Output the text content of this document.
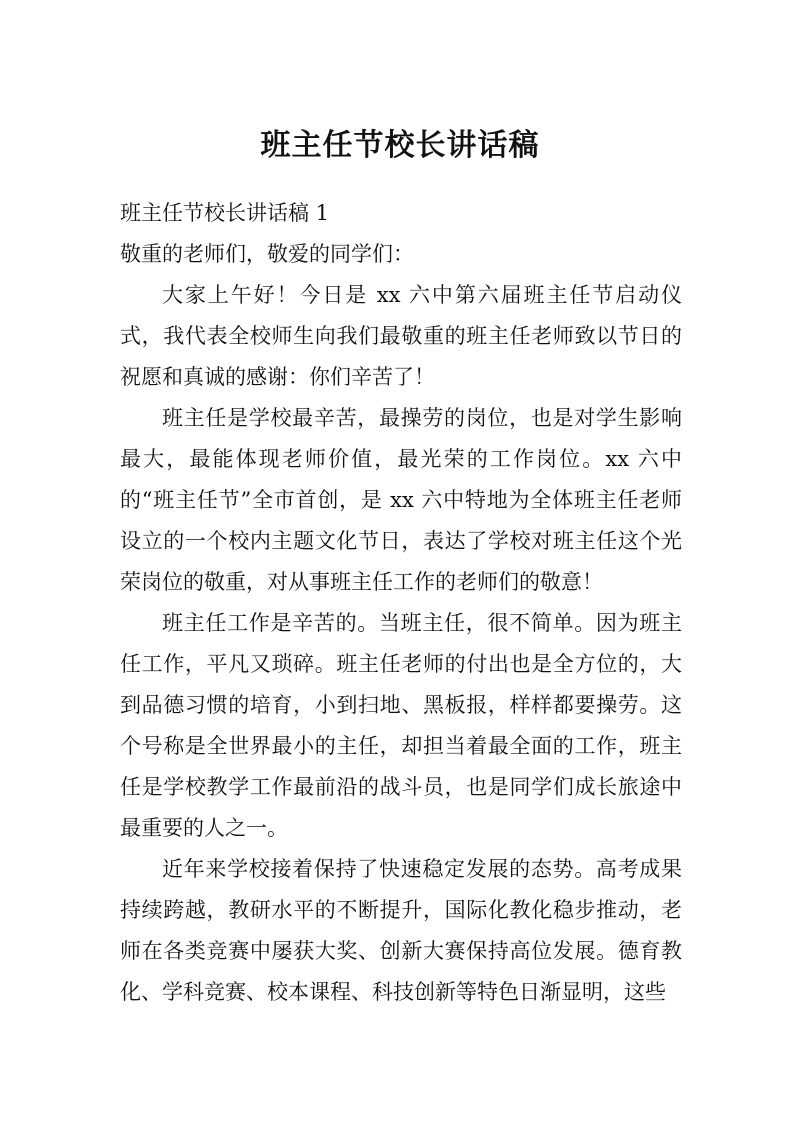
班主任节校长讲话稿

班主任节校长讲话稿 1

敬重的老师们，敬爱的同学们：

大家上午好！今日是 xx 六中第六届班主任节启动仪式，我代表全校师生向我们最敬重的班主任老师致以节日的祝愿和真诚的感谢：你们辛苦了！

班主任是学校最辛苦，最操劳的岗位，也是对学生影响最大，最能体现老师价值，最光荣的工作岗位。xx 六中的“班主任节”全市首创，是 xx 六中特地为全体班主任老师设立的一个校内主题文化节日，表达了学校对班主任这个光荣岗位的敬重，对从事班主任工作的老师们的敬意！

班主任工作是辛苦的。当班主任，很不简单。因为班主任工作，平凡又琐碎。班主任老师的付出也是全方位的，大到品德习惯的培育，小到扫地、黑板报，样样都要操劳。这个号称是全世界最小的主任，却担当着最全面的工作，班主任是学校教学工作最前沿的战斗员，也是同学们成长旅途中最重要的人之一。

近年来学校接着保持了快速稳定发展的态势。高考成果持续跨越，教研水平的不断提升，国际化教化稳步推动，老师在各类竞赛中屡获大奖、创新大赛保持高位发展。德育教化、学科竞赛、校本课程、科技创新等特色日渐显明，这些
